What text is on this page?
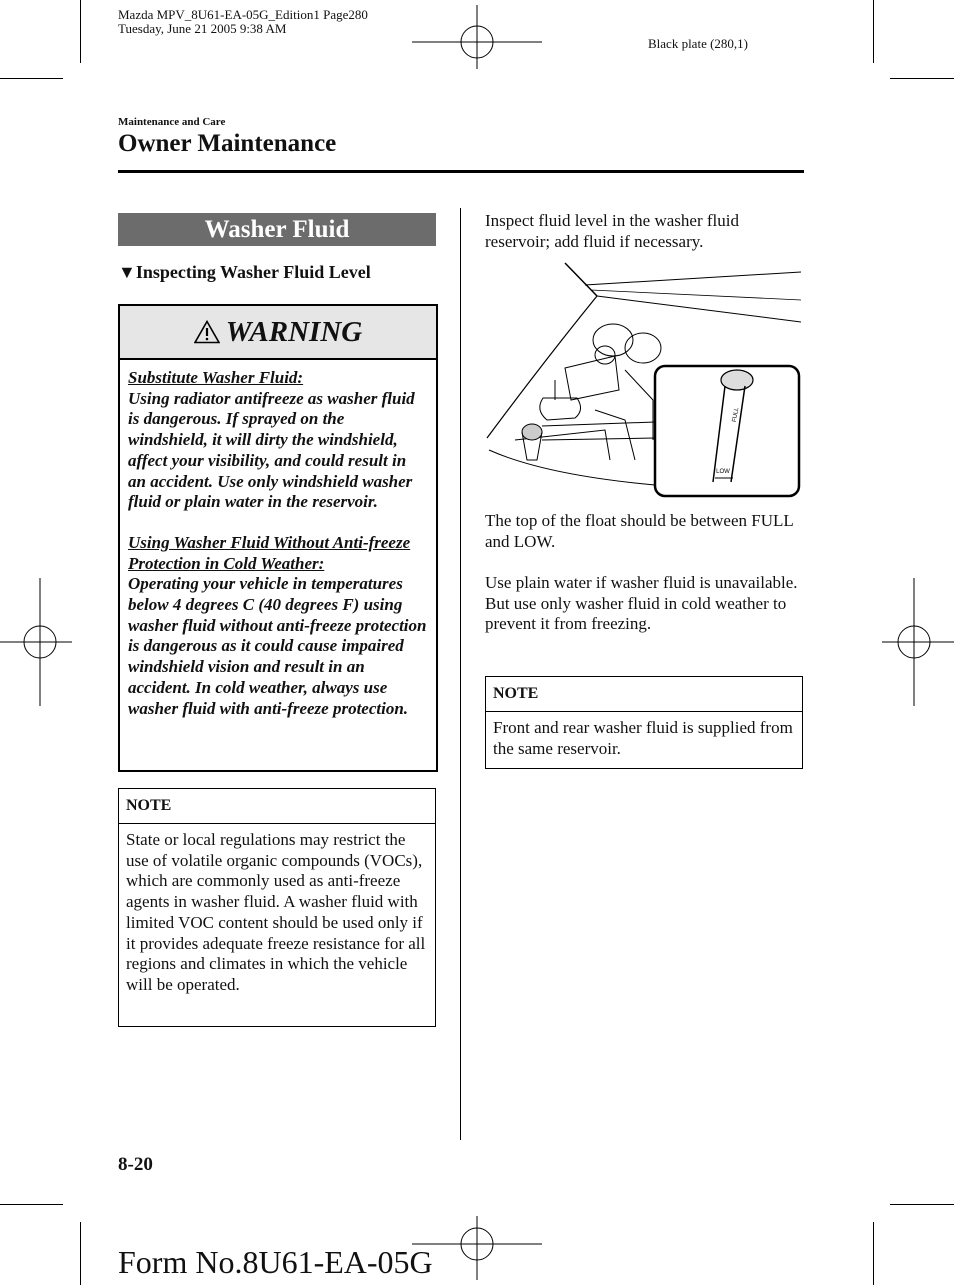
Mazda MPV_8U61-EA-05G_Edition1 Page280
Tuesday, June 21 2005 9:38 AM
Black plate (280,1)
Maintenance and Care
Owner Maintenance
Washer Fluid
▼Inspecting Washer Fluid Level
WARNING

Substitute Washer Fluid:

Using radiator antifreeze as washer fluid is dangerous. If sprayed on the windshield, it will dirty the windshield, affect your visibility, and could result in an accident. Use only windshield washer fluid or plain water in the reservoir.

Using Washer Fluid Without Anti-freeze Protection in Cold Weather:

Operating your vehicle in temperatures below 4 degrees C (40 degrees F) using washer fluid without anti-freeze protection is dangerous as it could cause impaired windshield vision and result in an accident. In cold weather, always use washer fluid with anti-freeze protection.

NOTE
State or local regulations may restrict the use of volatile organic compounds (VOCs), which are commonly used as anti-freeze agents in washer fluid. A washer fluid with limited VOC content should be used only if it provides adequate freeze resistance for all regions and climates in which the vehicle will be operated.
Inspect fluid level in the washer fluid reservoir; add fluid if necessary.
FULL
LOW
The top of the float should be between FULL and LOW.
Use plain water if washer fluid is unavailable.
But use only washer fluid in cold weather to prevent it from freezing.
NOTE
Front and rear washer fluid is supplied from the same reservoir.
8-20
Form No.8U61-EA-05G
